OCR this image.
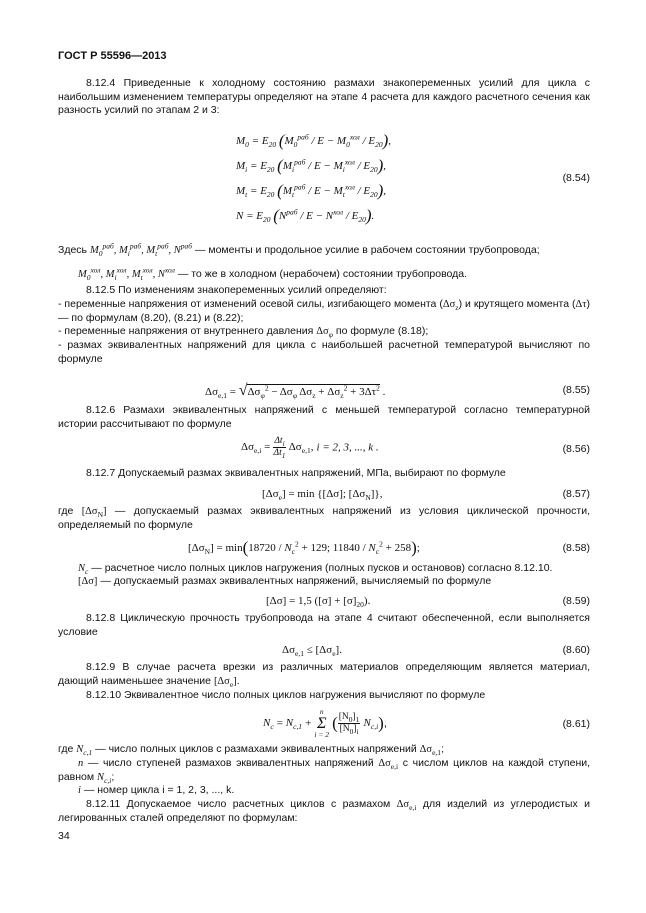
ГОСТ Р 55596—2013
8.12.4 Приведенные к холодному состоянию размахи знакопеременных усилий для цикла с наибольшим изменением температуры определяют на этапе 4 расчета для каждого расчетного сечения как разность усилий по этапам 2 и 3:
$M_0 = E_{20}$ $(M_0^{раб} / E - M_0^{хол} / E_{20})$,
$M_i = E_{20}$ $(M_i^{раб} / E - M_i^{хол} / E_{20})$,
$M_t = E_{20}$ $(M_t^{раб} / E - M_t^{хол} / E_{20})$,
$N = E_{20}$ $(N^{раб} / E - N^{хол} / E_{20})$.
(8.54)
Здесь $M_0^{раб}$, $M_i^{раб}$, $M_t^{раб}$, $N^{раб}$ — моменты и продольное усилие в рабочем состоянии трубопровода;
$M_0^{хол}$, $M_i^{хол}$, $M_t^{хол}$, $N^{хол}$ — то же в холодном (нерабочем) состоянии трубопровода.
8.12.5 По изменениям знакопеременных усилий определяют:
- переменные напряжения от изменений осевой силы, изгибающего момента $(\Delta\sigma_z)$ и крутящего момента (Δτ) — по формулам (8.20), (8.21) и (8.22);
- переменные напряжения от внутреннего давления $\Delta\sigma_\varphi$ по формуле (8.18);
- размах эквивалентных напряжений для цикла с наибольшей расчетной температурой вычисляют по формуле
$\Delta\sigma_{e,1} = √\Delta\sigma_\varphi^2 - \Delta\sigma_\varphi$ $\Delta\sigma_z + \Delta\sigma_z^2 + 3\Delta\tau^2$ .	(8.55)
8.12.6 Размахи эквивалентных напряжений с меньшей температурой согласно температурной истории рассчитывают по формуле
$\Delta\sigma_{e,i} = \frac{\Delta t_i}{\Delta t_1} \Delta\sigma_{e,1}$, i = 2, 3, ..., k .	(8.56)
8.12.7 Допускаемый размах эквивалентных напряжений, МПа, выбирают по формуле
$[\Delta\sigma_e] = \min \{[\Delta\sigma]$; $[\Delta\sigma_N]$},	(8.57)
где $[\Delta\sigma_N]$ — допускаемый размах эквивалентных напряжений из условия циклической прочности, определяемый по формуле
$[\Delta\sigma_N] = \min(18720 / N_c^2 + 129$; $11840 / N_c^2 + 258$);	(8.58)
$N_c$ — расчетное число полных циклов нагружения (полных пусков и остановов) согласно 8.12.10.
[Δσ] — допускаемый размах эквивалентных напряжений, вычисляемый по формуле
[Δσ] = 1,5 $([\sigma] + [\sigma]_{20})$.	(8.59)
8.12.8 Циклическую прочность трубопровода на этапе 4 считают обеспеченной, если выполняется условие
$\Delta\sigma_{e,1} \le [\Delta\sigma_e]$.	(8.60)
8.12.9 В случае расчета врезки из различных материалов определяющим является материал, дающий наименьшее значение $[\Delta\sigma_e]$.
8.12.10 Эквивалентное число полных циклов нагружения вычисляют по формуле
$N_c = N_{c,1}$ +
n
Σ
i = 2
( $\frac{[N_0]_1}{[N_0]_i} N_{c,i}$),	(8.61)
где $N_{c,1}$ — число полных циклов с размахами эквивалентных напряжений $\Delta\sigma_{e,1}$;
n — число ступеней размахов эквивалентных напряжений $\Delta\sigma_{e,i}$ с числом циклов на каждой ступени, равном $N_{c,i}$;
i — номер цикла i = 1, 2, 3, ..., k.
8.12.11 Допускаемое число расчетных циклов с размахом $\Delta\sigma_{e,i}$ для изделий из углеродистых и легированных сталей определяют по формулам:
34
